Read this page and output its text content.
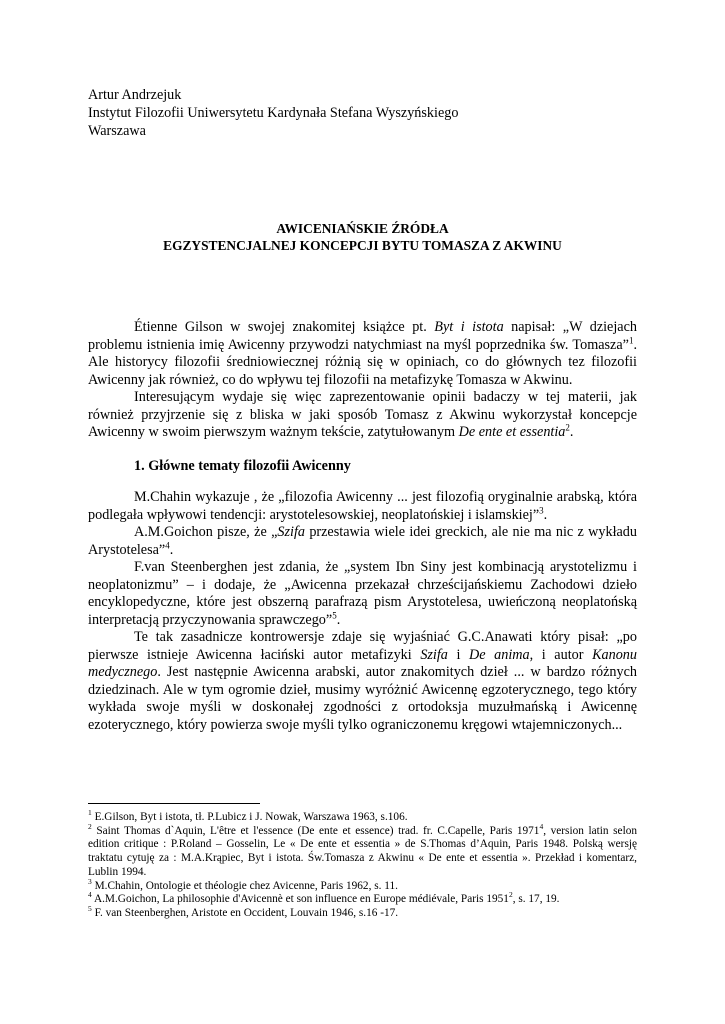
Artur Andrzejuk
Instytut Filozofii Uniwersytetu Kardynała Stefana Wyszyńskiego
Warszawa
AWICENIAŃSKIE ŹRÓDŁA
EGZYSTENCJALNEJ KONCEPCJI BYTU TOMASZA Z AKWINU

Étienne Gilson w swojej znakomitej książce pt. Byt i istota napisał: „W dziejach problemu istnienia imię Awicenny przywodzi natychmiast na myśl poprzednika św. Tomasza”$^1$. Ale historycy filozofii średniowiecznej różnią się w opiniach, co do głównych tez filozofii Awicenny jak również, co do wpływu tej filozofii na metafizykę Tomasza w Akwinu.

Interesującym wydaje się więc zaprezentowanie opinii badaczy w tej materii, jak również przyjrzenie się z bliska w jaki sposób Tomasz z Akwinu wykorzystał koncepcje Awicenny w swoim pierwszym ważnym tekście, zatytułowanym De ente et essentia$^2$.

1. Główne tematy filozofii Awicenny

M.Chahin wykazuje , że „filozofia Awicenny ... jest filozofią oryginalnie arabską, która podlegała wpływowi tendencji: arystotelesowskiej, neoplatońskiej i islamskiej”$^3$.

A.M.Goichon pisze, że „Szifa przestawia wiele idei greckich, ale nie ma nic z wykładu Arystotelesa”$^4$.

F.van Steenberghen jest zdania, że „system Ibn Siny jest kombinacją arystotelizmu i neoplatonizmu” – i dodaje, że „Awicenna przekazał chrześcijańskiemu Zachodowi dzieło encyklopedyczne, które jest obszerną parafrazą pism Arystotelesa, uwieńczoną neoplatońską interpretacją przyczynowania sprawczego”$^5$.

Te tak zasadnicze kontrowersje zdaje się wyjaśniać G.C.Anawati który pisał: „po pierwsze istnieje Awicenna łaciński autor metafizyki Szifa i De anima, i autor Kanonu medycznego. Jest następnie Awicenna arabski, autor znakomitych dzieł ... w bardzo różnych dziedzinach. Ale w tym ogromie dzieł, musimy wyróżnić Awicennę egzoterycznego, tego który wykłada swoje myśli w doskonałej zgodności z ortodoksja muzułmańską i Awicennę ezoterycznego, który powierza swoje myśli tylko ograniczonemu kręgowi wtajemniczonych...

$^1$ E.Gilson, Byt i istota, tł. P.Lubicz i J. Nowak, Warszawa 1963, s.106.
$^2$ Saint Thomas d`Aquin, L'être et l'essence (De ente et essence) trad. fr. C.Capelle, Paris 1971$^4$, version latin selon edition critique : P.Roland – Gosselin, Le « De ente et essentia » de S.Thomas d’Aquin, Paris 1948. Polską wersję traktatu cytuję za : M.A.Krąpiec, Byt i istota. Św.Tomasza z Akwinu « De ente et essentia ». Przekład i komentarz, Lublin 1994.
$^3$ M.Chahin, Ontologie et théologie chez Avicenne, Paris 1962, s. 11.
$^4$ A.M.Goichon, La philosophie d'Avicennè et son influence en Europe médiévale, Paris 1951$^2$, s. 17, 19.
$^5$ F. van Steenberghen, Aristote en Occident, Louvain 1946, s.16 -17.
